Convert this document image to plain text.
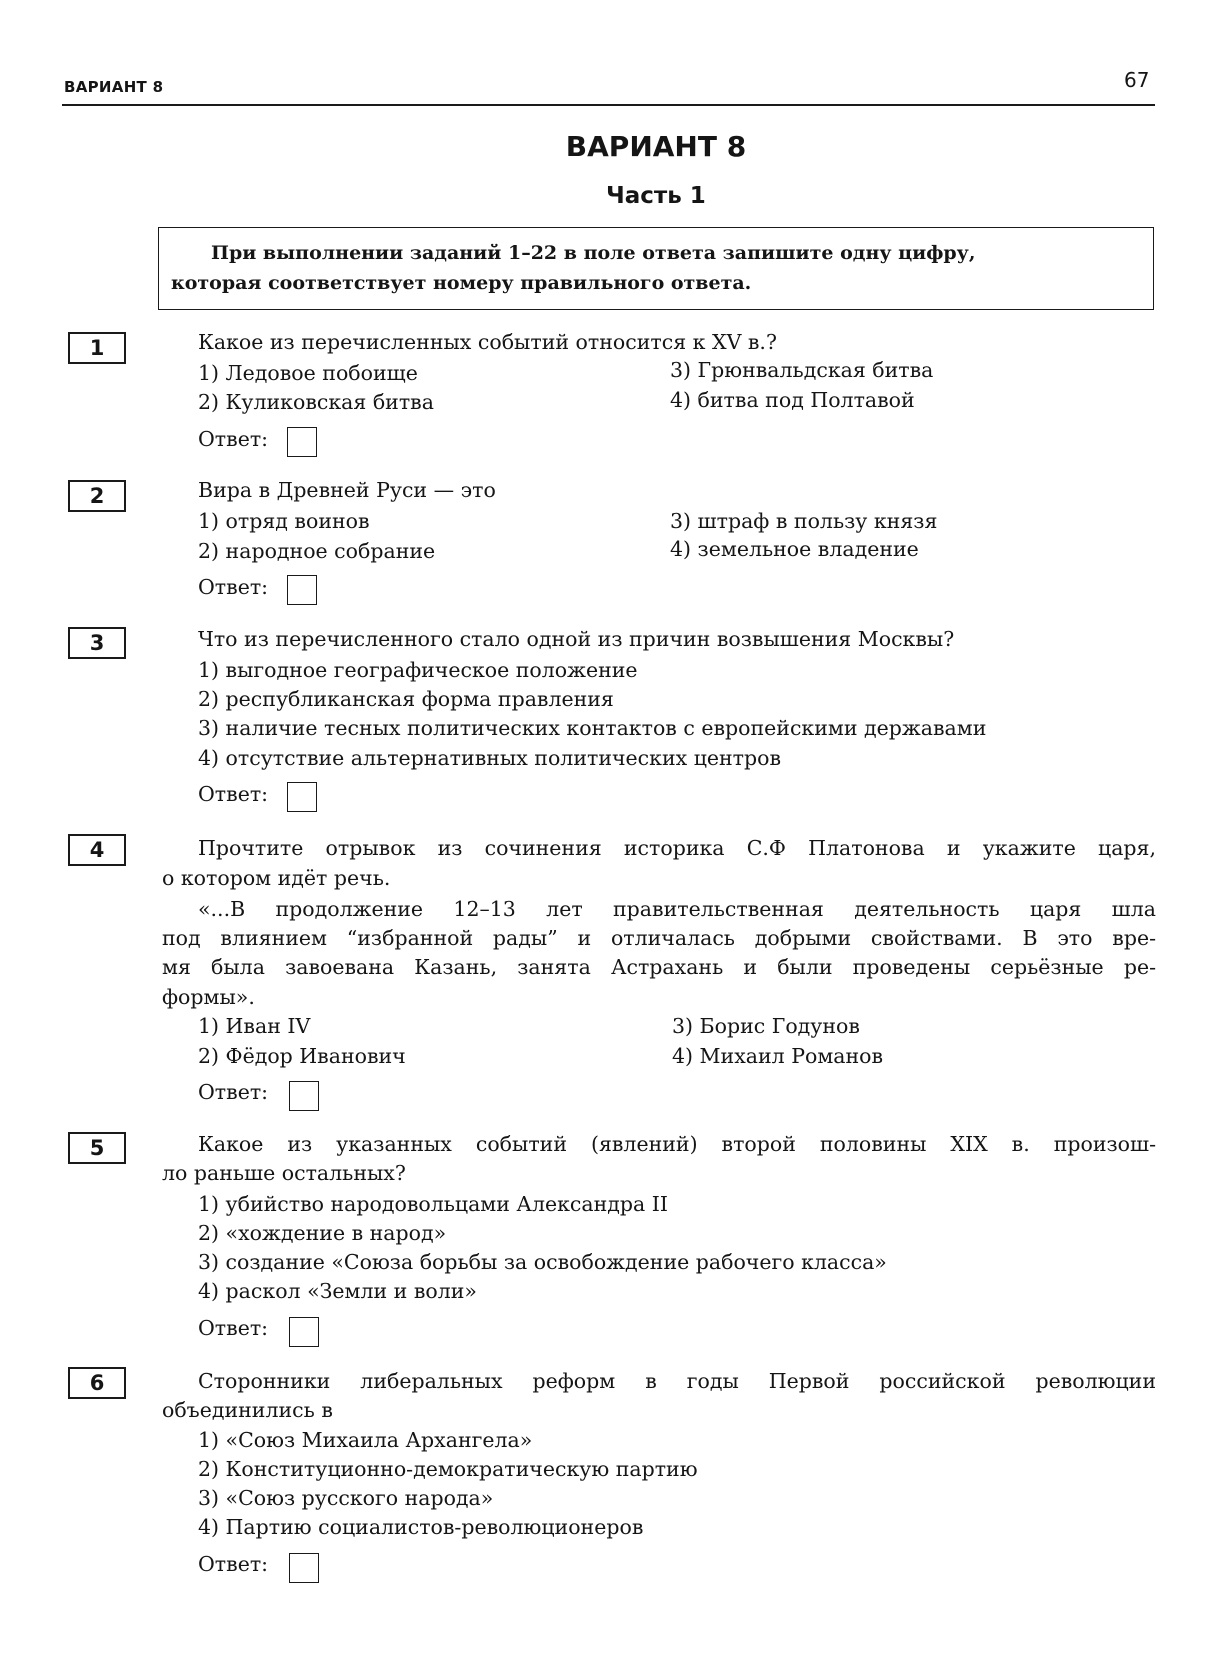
ВАРИАНТ 8	67
ВАРИАНТ 8
Часть 1
При выполнении заданий 1–22 в поле ответа запишите одну цифру,
которая соответствует номеру правильного ответа.
1	Какое из перечисленных событий относится к XV в.?
1) Ледовое побоище
2) Куликовская битва
3) Грюнвальдская битва
4) битва под Полтавой
Ответ:
2	Вира в Древней Руси — это
1) отряд воинов
2) народное собрание
3) штраф в пользу князя
4) земельное владение
Ответ:
3	Что из перечисленного стало одной из причин возвышения Москвы?
1) выгодное географическое положение
2) республиканская форма правления
3) наличие тесных политических контактов с европейскими державами
4) отсутствие альтернативных политических центров
Ответ:
4	Прочтите отрывок из сочинения историка С.Ф Платонова и укажите царя,
о котором идёт речь.
«...В продолжение 12–13 лет правительственная деятельность царя шла
под влиянием “избранной рады” и отличалась добрыми свойствами. В это вре-
мя была завоевана Казань, занята Астрахань и были проведены серьёзные ре-
формы».
1) Иван IV
2) Фёдор Иванович
3) Борис Годунов
4) Михаил Романов
Ответ:
5	Какое из указанных событий (явлений) второй половины XIX в. произош-
ло раньше остальных?
1) убийство народовольцами Александра II
2) «хождение в народ»
3) создание «Союза борьбы за освобождение рабочего класса»
4) раскол «Земли и воли»
Ответ:
6	Сторонники либеральных реформ в годы Первой российской революции
объединились в
1) «Союз Михаила Архангела»
2) Конституционно-демократическую партию
3) «Союз русского народа»
4) Партию социалистов-революционеров
Ответ:
